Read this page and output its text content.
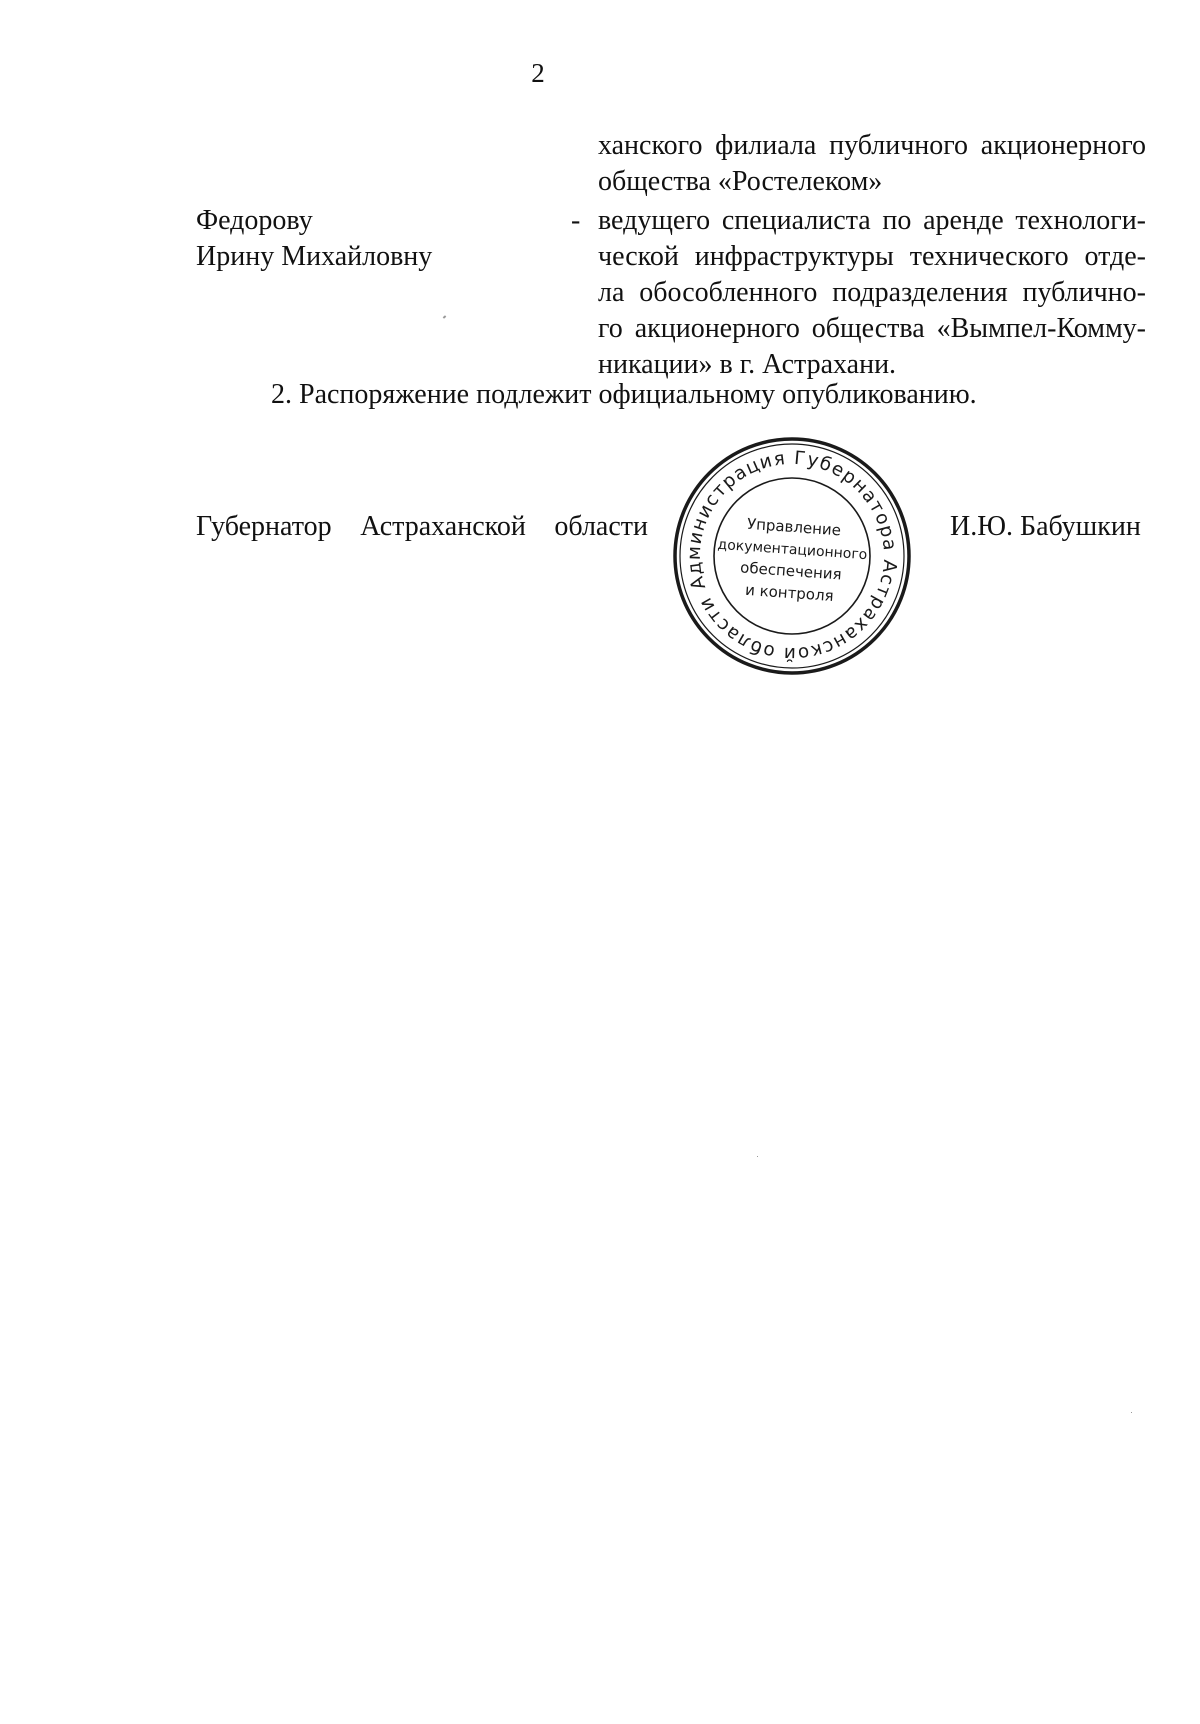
2
ханского филиала публичного акционерного
общества «Ростелеком»
Федорову
Ирину Михайловну
- ведущего специалиста по аренде технологи-
ческой инфраструктуры технического отде-
ла обособленного подразделения публично-
го акционерного общества «Вымпел-Комму-
никации» в г. Астрахани.
2. Распоряжение подлежит официальному опубликованию.
Губернатор Астраханской области
Администрация Губернатора Астраханской области
Управление
документационного
обеспечения
и контроля
И.Ю. Бабушкин
